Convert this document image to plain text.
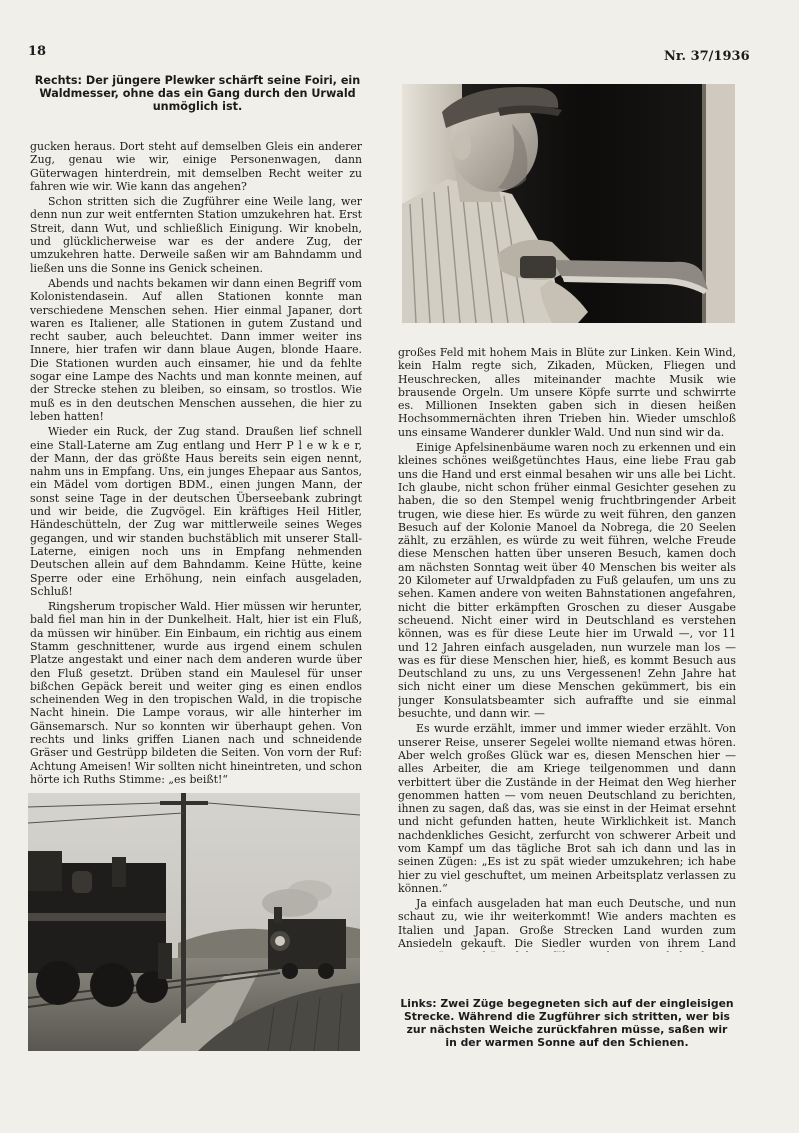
18	Nr. 37/1936
Rechts: Der jüngere Plewker schärft seine Foiri, ein Waldmesser, ohne das ein Gang durch den Urwald unmöglich ist.

gucken heraus. Dort steht auf demselben Gleis ein anderer Zug, genau wie wir, einige Personenwagen, dann Güterwagen hinterdrein, mit demselben Recht weiter zu fahren wie wir. Wie kann das angehen?

Schon stritten sich die Zugführer eine Weile lang, wer denn nun zur weit entfernten Station umzukehren hat. Erst Streit, dann Wut, und schließlich Einigung. Wir knobeln, und glücklicherweise war es der andere Zug, der umzukehren hatte. Derweile saßen wir am Bahndamm und ließen uns die Sonne ins Genick scheinen.

Abends und nachts bekamen wir dann einen Begriff vom Kolonistendasein. Auf allen Stationen konnte man verschiedene Menschen sehen. Hier einmal Japaner, dort waren es Italiener, alle Stationen in gutem Zustand und recht sauber, auch beleuchtet. Dann immer weiter ins Innere, hier trafen wir dann blaue Augen, blonde Haare. Die Stationen wurden auch einsamer, hie und da fehlte sogar eine Lampe des Nachts und man konnte meinen, auf der Strecke stehen zu bleiben, so einsam, so trostlos. Wie muß es in den deutschen Menschen aussehen, die hier zu leben hatten!

Wieder ein Ruck, der Zug stand. Draußen lief schnell eine Stall-Laterne am Zug entlang und Herr P l e w k e r, der Mann, der das größte Haus bereits sein eigen nennt, nahm uns in Empfang. Uns, ein junges Ehepaar aus Santos, ein Mädel vom dortigen BDM., einen jungen Mann, der sonst seine Tage in der deutschen Überseebank zubringt und wir beide, die Zugvögel. Ein kräftiges Heil Hitler, Händeschütteln, der Zug war mittlerweile seines Weges gegangen, und wir standen buchstäblich mit unserer Stall-Laterne, einigen noch uns in Empfang nehmenden Deutschen allein auf dem Bahndamm. Keine Hütte, keine Sperre oder eine Erhöhung, nein einfach ausgeladen, Schluß!

Ringsherum tropischer Wald. Hier müssen wir herunter, bald fiel man hin in der Dunkelheit. Halt, hier ist ein Fluß, da müssen wir hinüber. Ein Einbaum, ein richtig aus einem Stamm geschnittener, wurde aus irgend einem schulen Platze angestakt und einer nach dem anderen wurde über den Fluß gesetzt. Drüben stand ein Maulesel für unser bißchen Gepäck bereit und weiter ging es einen endlos scheinenden Weg in den tropischen Wald, in die tropische Nacht hinein. Die Lampe voraus, wir alle hinterher im Gänsemarsch. Nur so konnten wir überhaupt gehen. Von rechts und links griffen Lianen nach und schneidende Gräser und Gestrüpp bildeten die Seiten. Von vorn der Ruf: Achtung Ameisen! Wir sollten nicht hineintreten, und schon hörte ich Ruths Stimme: „es beißt!“

großes Feld mit hohem Mais in Blüte zur Linken. Kein Wind, kein Halm regte sich, Zikaden, Mücken, Fliegen und Heuschrecken, alles miteinander machte Musik wie brausende Orgeln. Um unsere Köpfe surrte und schwirrte es. Millionen Insekten gaben sich in diesen heißen Hochsommernächten ihren Trieben hin. Wieder umschloß uns einsame Wanderer dunkler Wald. Und nun sind wir da.

Einige Apfelsinenbäume waren noch zu erkennen und ein kleines schönes weißgetünchtes Haus, eine liebe Frau gab uns die Hand und erst einmal besahen wir uns alle bei Licht. Ich glaube, nicht schon früher einmal Gesichter gesehen zu haben, die so den Stempel wenig fruchtbringender Arbeit trugen, wie diese hier. Es würde zu weit führen, den ganzen Besuch auf der Kolonie Manoel da Nobrega, die 20 Seelen zählt, zu erzählen, es würde zu weit führen, welche Freude diese Menschen hatten über unseren Besuch, kamen doch am nächsten Sonntag weit über 40 Menschen bis weiter als 20 Kilometer auf Urwaldpfaden zu Fuß gelaufen, um uns zu sehen. Kamen andere von weiten Bahnstationen angefahren, nicht die bitter erkämpften Groschen zu dieser Ausgabe scheuend. Nicht einer wird in Deutschland es verstehen können, was es für diese Leute hier im Urwald —, vor 11 und 12 Jahren einfach ausgeladen, nun wurzele man los — was es für diese Menschen hier, hieß, es kommt Besuch aus Deutschland zu uns, zu uns Vergessenen! Zehn Jahre hat sich nicht einer um diese Menschen gekümmert, bis ein junger Konsulatsbeamter sich aufraffte und sie einmal besuchte, und dann wir. —

Es wurde erzählt, immer und immer wieder erzählt. Von unserer Reise, unserer Segelei wollte niemand etwas hören. Aber welch großes Glück war es, diesen Menschen hier — alles Arbeiter, die am Kriege teilgenommen und dann verbittert über die Zustände in der Heimat den Weg hierher genommen hatten — vom neuen Deutschland zu berichten, ihnen zu sagen, daß das, was sie einst in der Heimat ersehnt und nicht gefunden hatten, heute Wirklichkeit ist. Manch nachdenkliches Gesicht, zerfurcht von schwerer Arbeit und vom Kampf um das tägliche Brot sah ich dann und las in seinen Zügen: „Es ist zu spät wieder umzukehren; ich habe hier zu viel geschuftet, um meinen Arbeitsplatz verlassen zu können.“

Ja einfach ausgeladen hat man euch Deutsche, und nun schaut zu, wie ihr weiterkommt! Wie anders machten es Italien und Japan. Große Strecken Land wurden zum Ansiedeln gekauft. Die Siedler wurden von ihrem Land

Links: Zwei Züge begegneten sich auf der eingleisigen Strecke. Während die Zugführer sich stritten, wer bis zur nächsten Weiche zurückfahren müsse, saßen wir in der warmen Sonne auf den Schienen.
